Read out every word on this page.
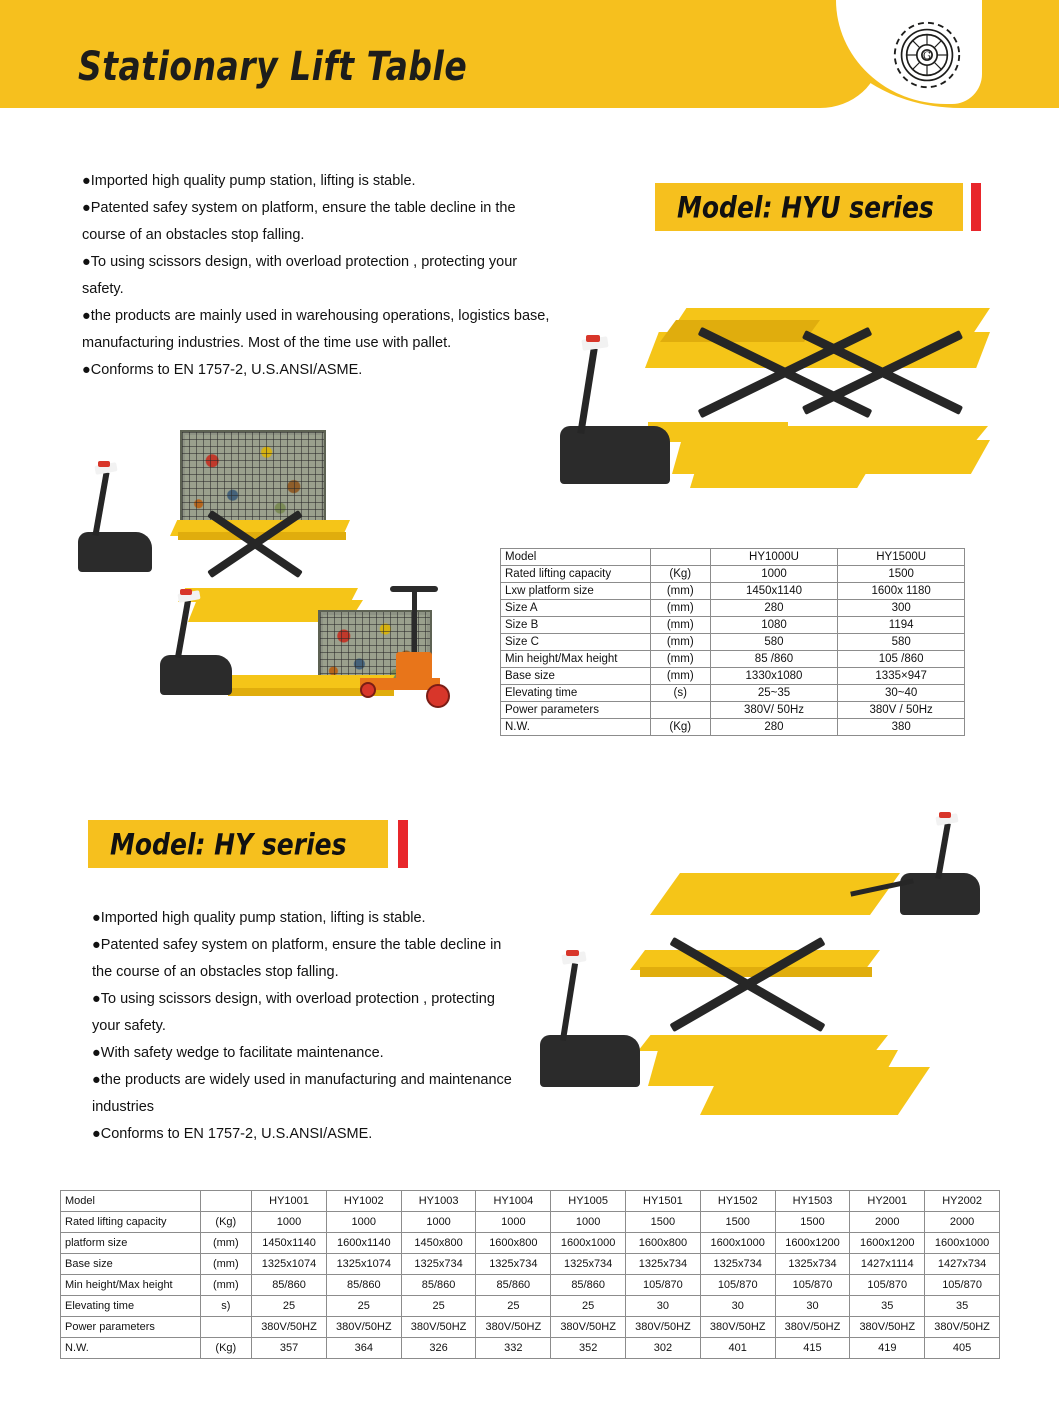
Stationary Lift Table	G

●Imported high quality pump station, lifting is stable.

●Patented safey system on platform, ensure the table decline in the course of an obstacles stop falling.

●To using scissors design, with overload protection , protecting your safety.

●the products are mainly used in warehousing operations, logistics base, manufacturing industries. Most of the time use with pallet.

●Conforms to EN 1757-2, U.S.ANSI/ASME.

Model: HYU series
Model		HY1000U	HY1500U
Rated lifting capacity	(Kg)	1000	1500
Lxw platform size	(mm)	1450x1140	1600x 1180
Size A	(mm)	280	300
Size B	(mm)	1080	1194
Size C	(mm)	580	580
Min height/Max height	(mm)	85 /860	105 /860
Base size	(mm)	1330x1080	1335×947
Elevating time	(s)	25~35	30~40
Power parameters		380V/ 50Hz	380V / 50Hz
N.W.	(Kg)	280	380
Model: HY series

●Imported high quality pump station, lifting is stable.

●Patented safey system on platform, ensure the table decline in the course of an obstacles stop falling.

●To using scissors design, with overload protection , protecting your safety.

●With safety wedge to facilitate maintenance.

●the products are widely used in manufacturing and maintenance industries

●Conforms to EN 1757-2, U.S.ANSI/ASME.

Model		HY1001	HY1002	HY1003	HY1004	HY1005	HY1501	HY1502	HY1503	HY2001	HY2002
Rated lifting capacity	(Kg)	1000	1000	1000	1000	1000	1500	1500	1500	2000	2000
platform size	(mm)	1450x1140	1600x1140	1450x800	1600x800	1600x1000	1600x800	1600x1000	1600x1200	1600x1200	1600x1000
Base size	(mm)	1325x1074	1325x1074	1325x734	1325x734	1325x734	1325x734	1325x734	1325x734	1427x1114	1427x734
Min height/Max height	(mm)	85/860	85/860	85/860	85/860	85/860	105/870	105/870	105/870	105/870	105/870
Elevating time	s)	25	25	25	25	25	30	30	30	35	35
Power parameters		380V/50HZ	380V/50HZ	380V/50HZ	380V/50HZ	380V/50HZ	380V/50HZ	380V/50HZ	380V/50HZ	380V/50HZ	380V/50HZ
N.W.	(Kg)	357	364	326	332	352	302	401	415	419	405
